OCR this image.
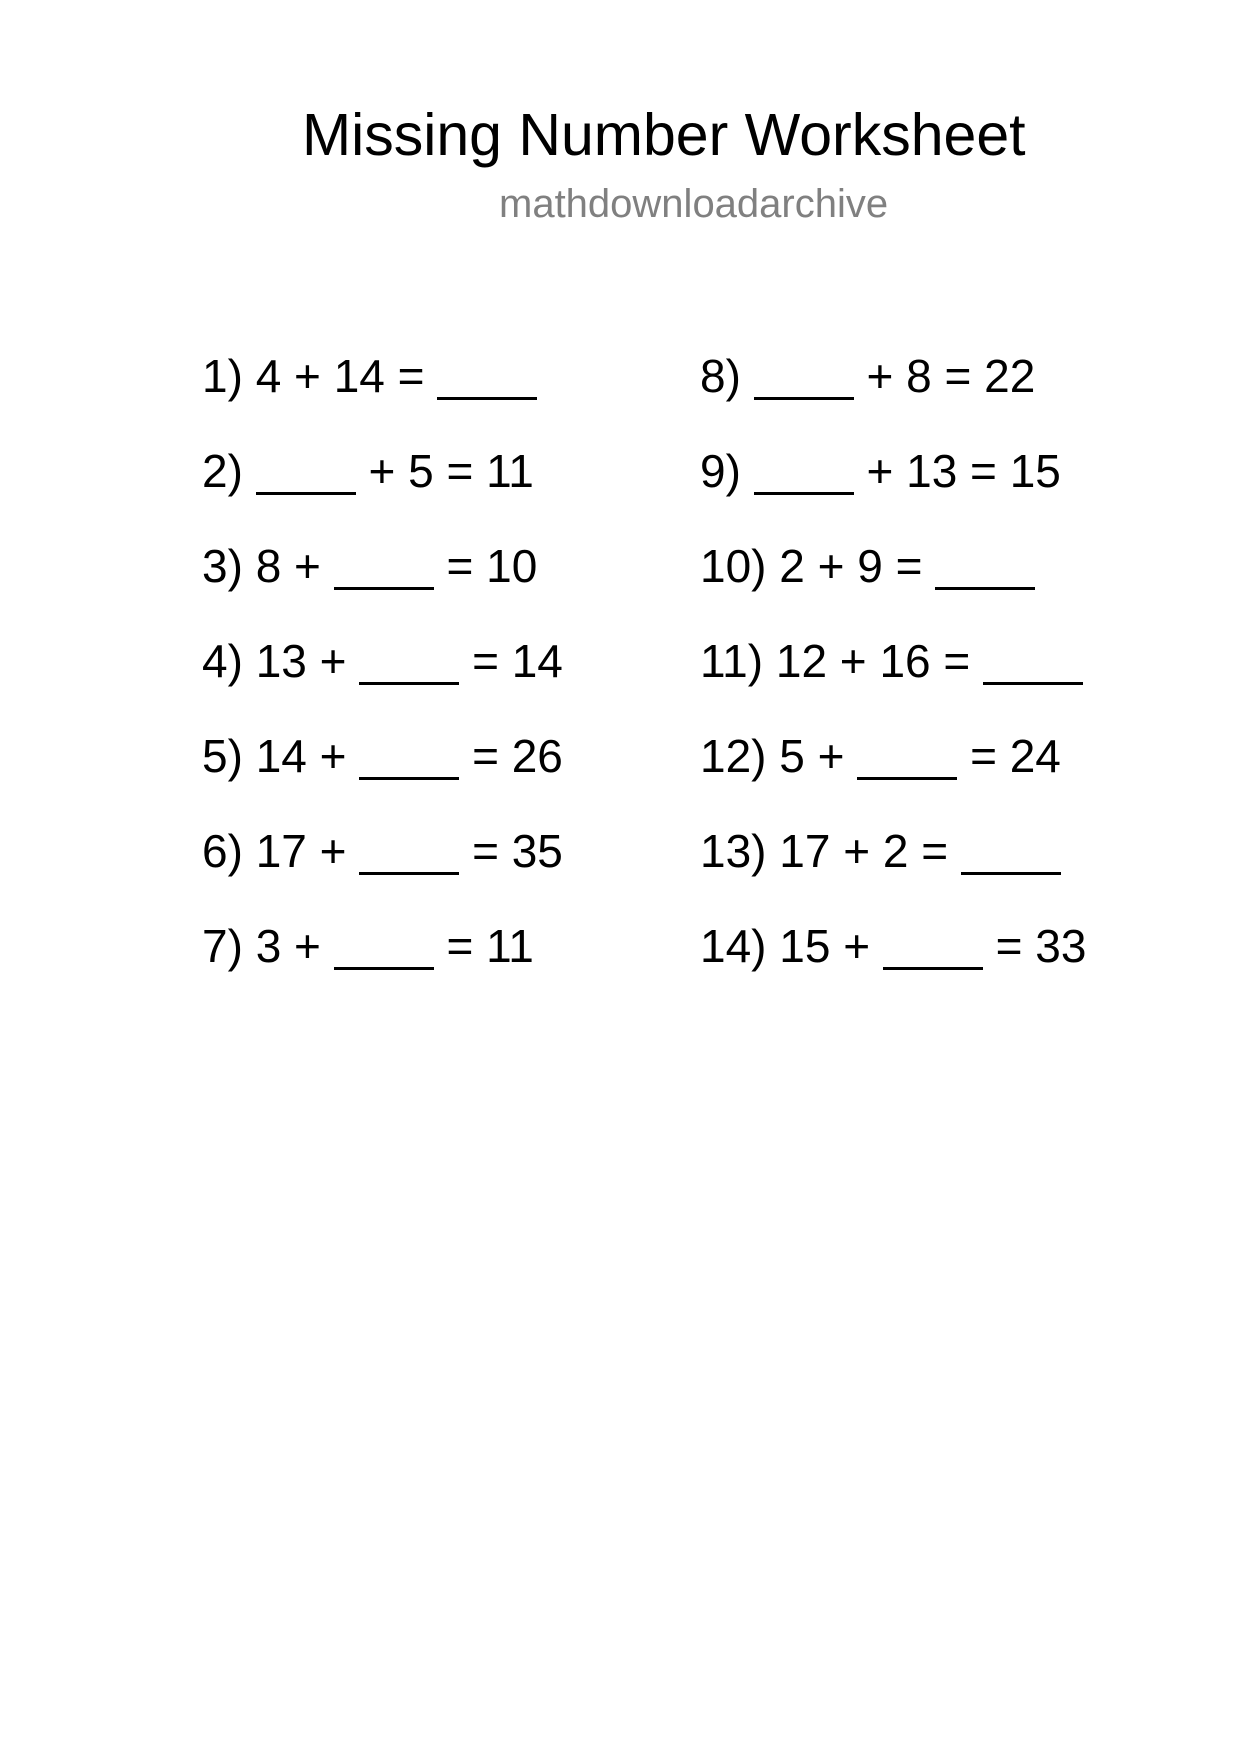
Missing Number Worksheet
mathdownloadarchive
1) 4 + 14 =
2)	+ 5 = 11
3) 8 +	= 10
4) 13 +	= 14
5) 14 +	= 26
6) 17 +	= 35
7) 3 +	= 11
8)	+ 8 = 22
9)	+ 13 = 15
10) 2 + 9 =
11) 12 + 16 =
12) 5 +	= 24
13) 17 + 2 =
14) 15 +	= 33
